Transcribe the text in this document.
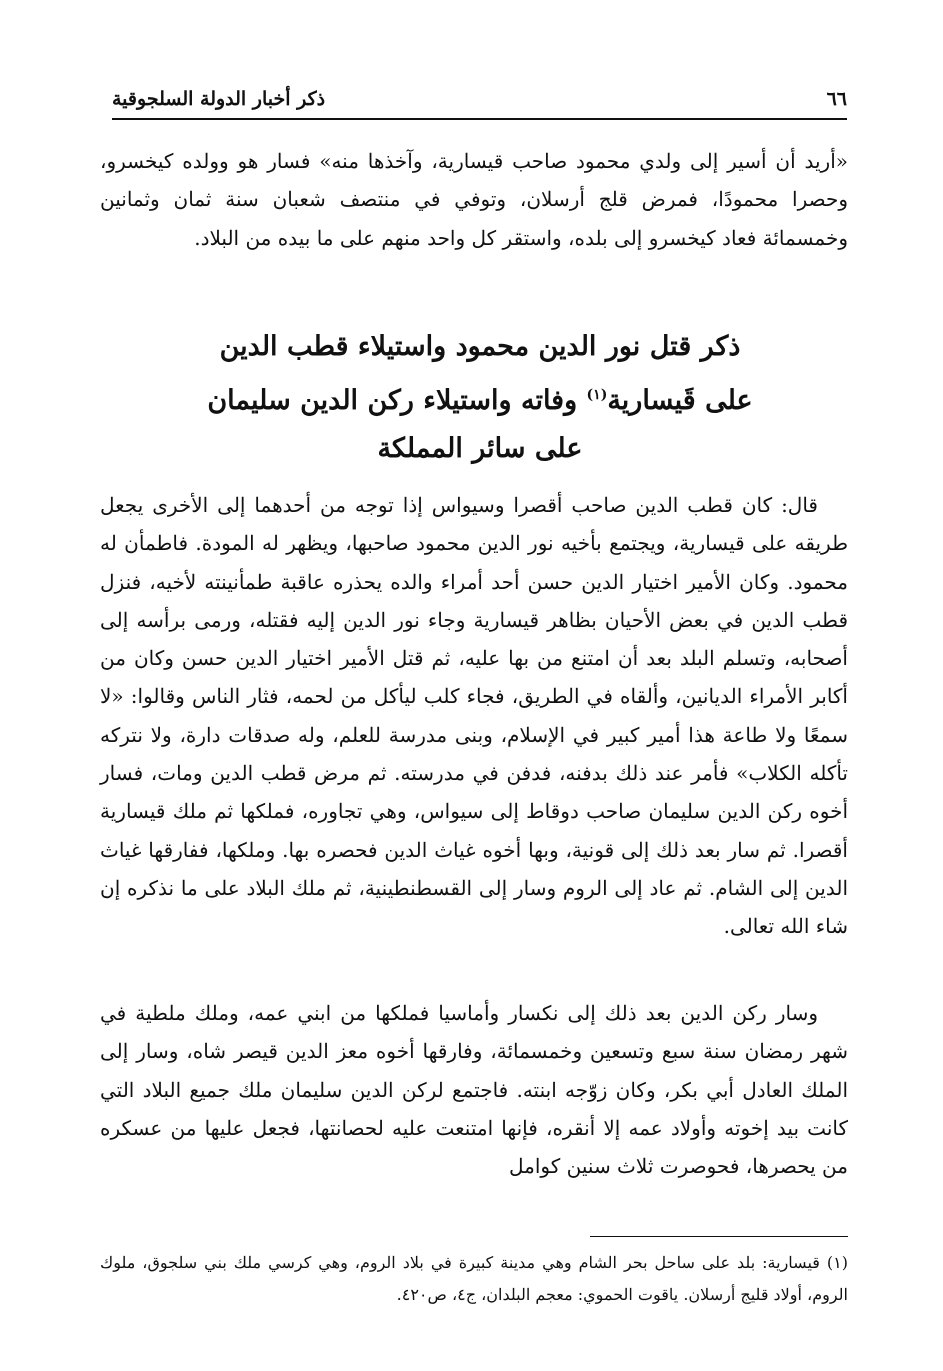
٦٦
ذكر أخبار الدولة السلجوقية

«أريد أن أسير إلى ولدي محمود صاحب قيسارية، وآخذها منه» فسار هو وولده كيخسرو، وحصرا محمودًا، فمرض قلج أرسلان، وتوفي في منتصف شعبان سنة ثمان وثمانين وخمسمائة فعاد كيخسرو إلى بلده، واستقر كل واحد منهم على ما بيده من البلاد.

ذكر قتل نور الدين محمود واستيلاء قطب الدين
على قَيسارية$^{(١)}$ وفاته واستيلاء ركن الدين سليمان
على سائر المملكة

قال: كان قطب الدين صاحب أقصرا وسيواس إذا توجه من أحدهما إلى الأخرى يجعل طريقه على قيسارية، ويجتمع بأخيه نور الدين محمود صاحبها، ويظهر له المودة. فاطمأن له محمود. وكان الأمير اختيار الدين حسن أحد أمراء والده يحذره عاقبة طمأنينته لأخيه، فنزل قطب الدين في بعض الأحيان بظاهر قيسارية وجاء نور الدين إليه فقتله، ورمى برأسه إلى أصحابه، وتسلم البلد بعد أن امتنع من بها عليه، ثم قتل الأمير اختيار الدين حسن وكان من أكابر الأمراء الديانين، وألقاه في الطريق، فجاء كلب ليأكل من لحمه، فثار الناس وقالوا: «لا سمعًا ولا طاعة هذا أمير كبير في الإسلام، وبنى مدرسة للعلم، وله صدقات دارة، ولا نتركه تأكله الكلاب» فأمر عند ذلك بدفنه، فدفن في مدرسته. ثم مرض قطب الدين ومات، فسار أخوه ركن الدين سليمان صاحب دوقاط إلى سيواس، وهي تجاوره، فملكها ثم ملك قيسارية أقصرا. ثم سار بعد ذلك إلى قونية، وبها أخوه غياث الدين فحصره بها. وملكها، ففارقها غياث الدين إلى الشام. ثم عاد إلى الروم وسار إلى القسطنطينية، ثم ملك البلاد على ما نذكره إن شاء الله تعالى.

وسار ركن الدين بعد ذلك إلى نكسار وأماسيا فملكها من ابني عمه، وملك ملطية في شهر رمضان سنة سبع وتسعين وخمسمائة، وفارقها أخوه معز الدين قيصر شاه، وسار إلى الملك العادل أبي بكر، وكان زوّجه ابنته. فاجتمع لركن الدين سليمان ملك جميع البلاد التي كانت بيد إخوته وأولاد عمه إلا أنقره، فإنها امتنعت عليه لحصانتها، فجعل عليها من عسكره من يحصرها، فحوصرت ثلاث سنين كوامل

(١) قيسارية: بلد على ساحل بحر الشام وهي مدينة كبيرة في بلاد الروم، وهي كرسي ملك بني سلجوق، ملوك الروم، أولاد قليج أرسلان. ياقوت الحموي: معجم البلدان، ج٤، ص٤٢٠.
